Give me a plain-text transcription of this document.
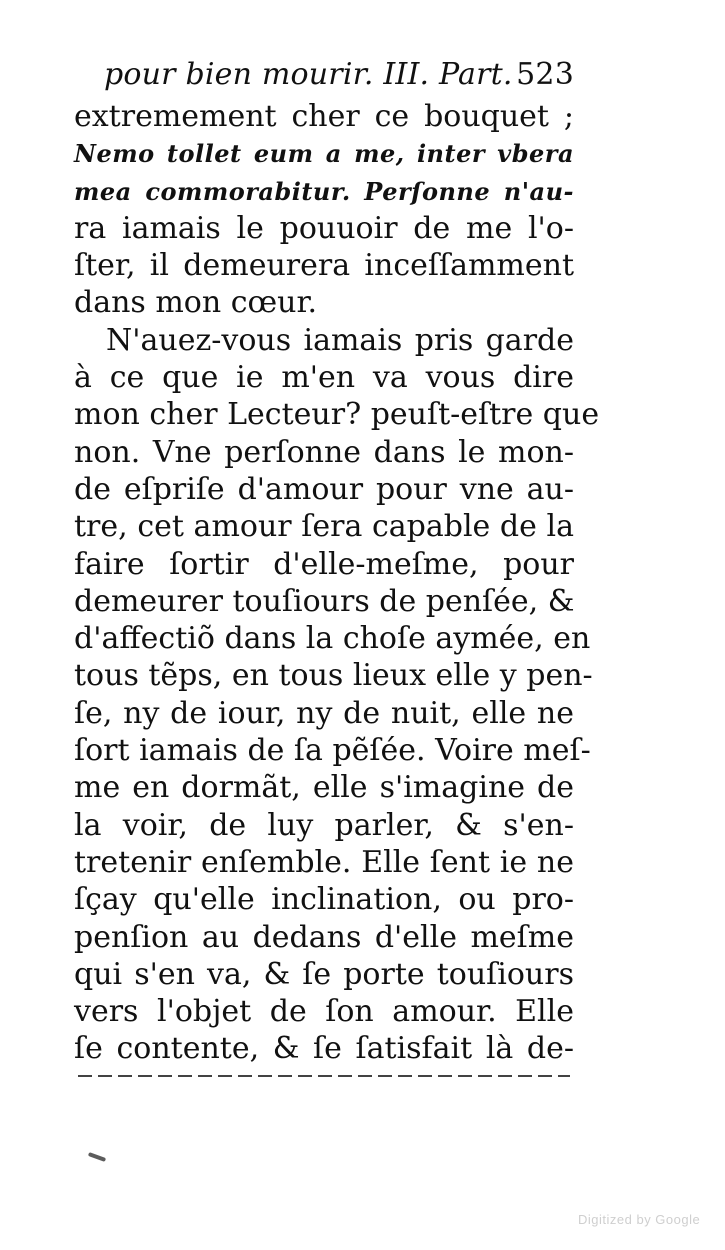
pour bien mourir. III. Part. 523
extremement cher ce bouquet ;
Nemo tollet eum a me, inter vbera
mea commorabitur. Perſonne n'au-
ra iamais le pouuoir de me l'o-
ſter, il demeurera inceſſamment
dans mon cœur.
N'auez-vous iamais pris garde
à ce que ie m'en va vous dire
mon cher Lecteur? peuſt-eſtre que
non. Vne perſonne dans le mon-
de eſpriſe d'amour pour vne au-
tre, cet amour ſera capable de la
faire ſortir d'elle-meſme, pour
demeurer touſiours de penſée, &
d'affectiõ dans la choſe aymée, en
tous tẽps, en tous lieux elle y pen-
ſe, ny de iour, ny de nuit, elle ne
ſort iamais de ſa pẽſée. Voire meſ-
me en dormãt, elle s'imagine de
la voir, de luy parler, & s'en-
tretenir enſemble. Elle ſent ie ne
ſçay qu'elle inclination, ou pro-
penſion au dedans d'elle meſme
qui s'en va, & ſe porte touſiours
vers l'objet de ſon amour. Elle
ſe contente, & ſe ſatisfait là de-
Digitized by Google
